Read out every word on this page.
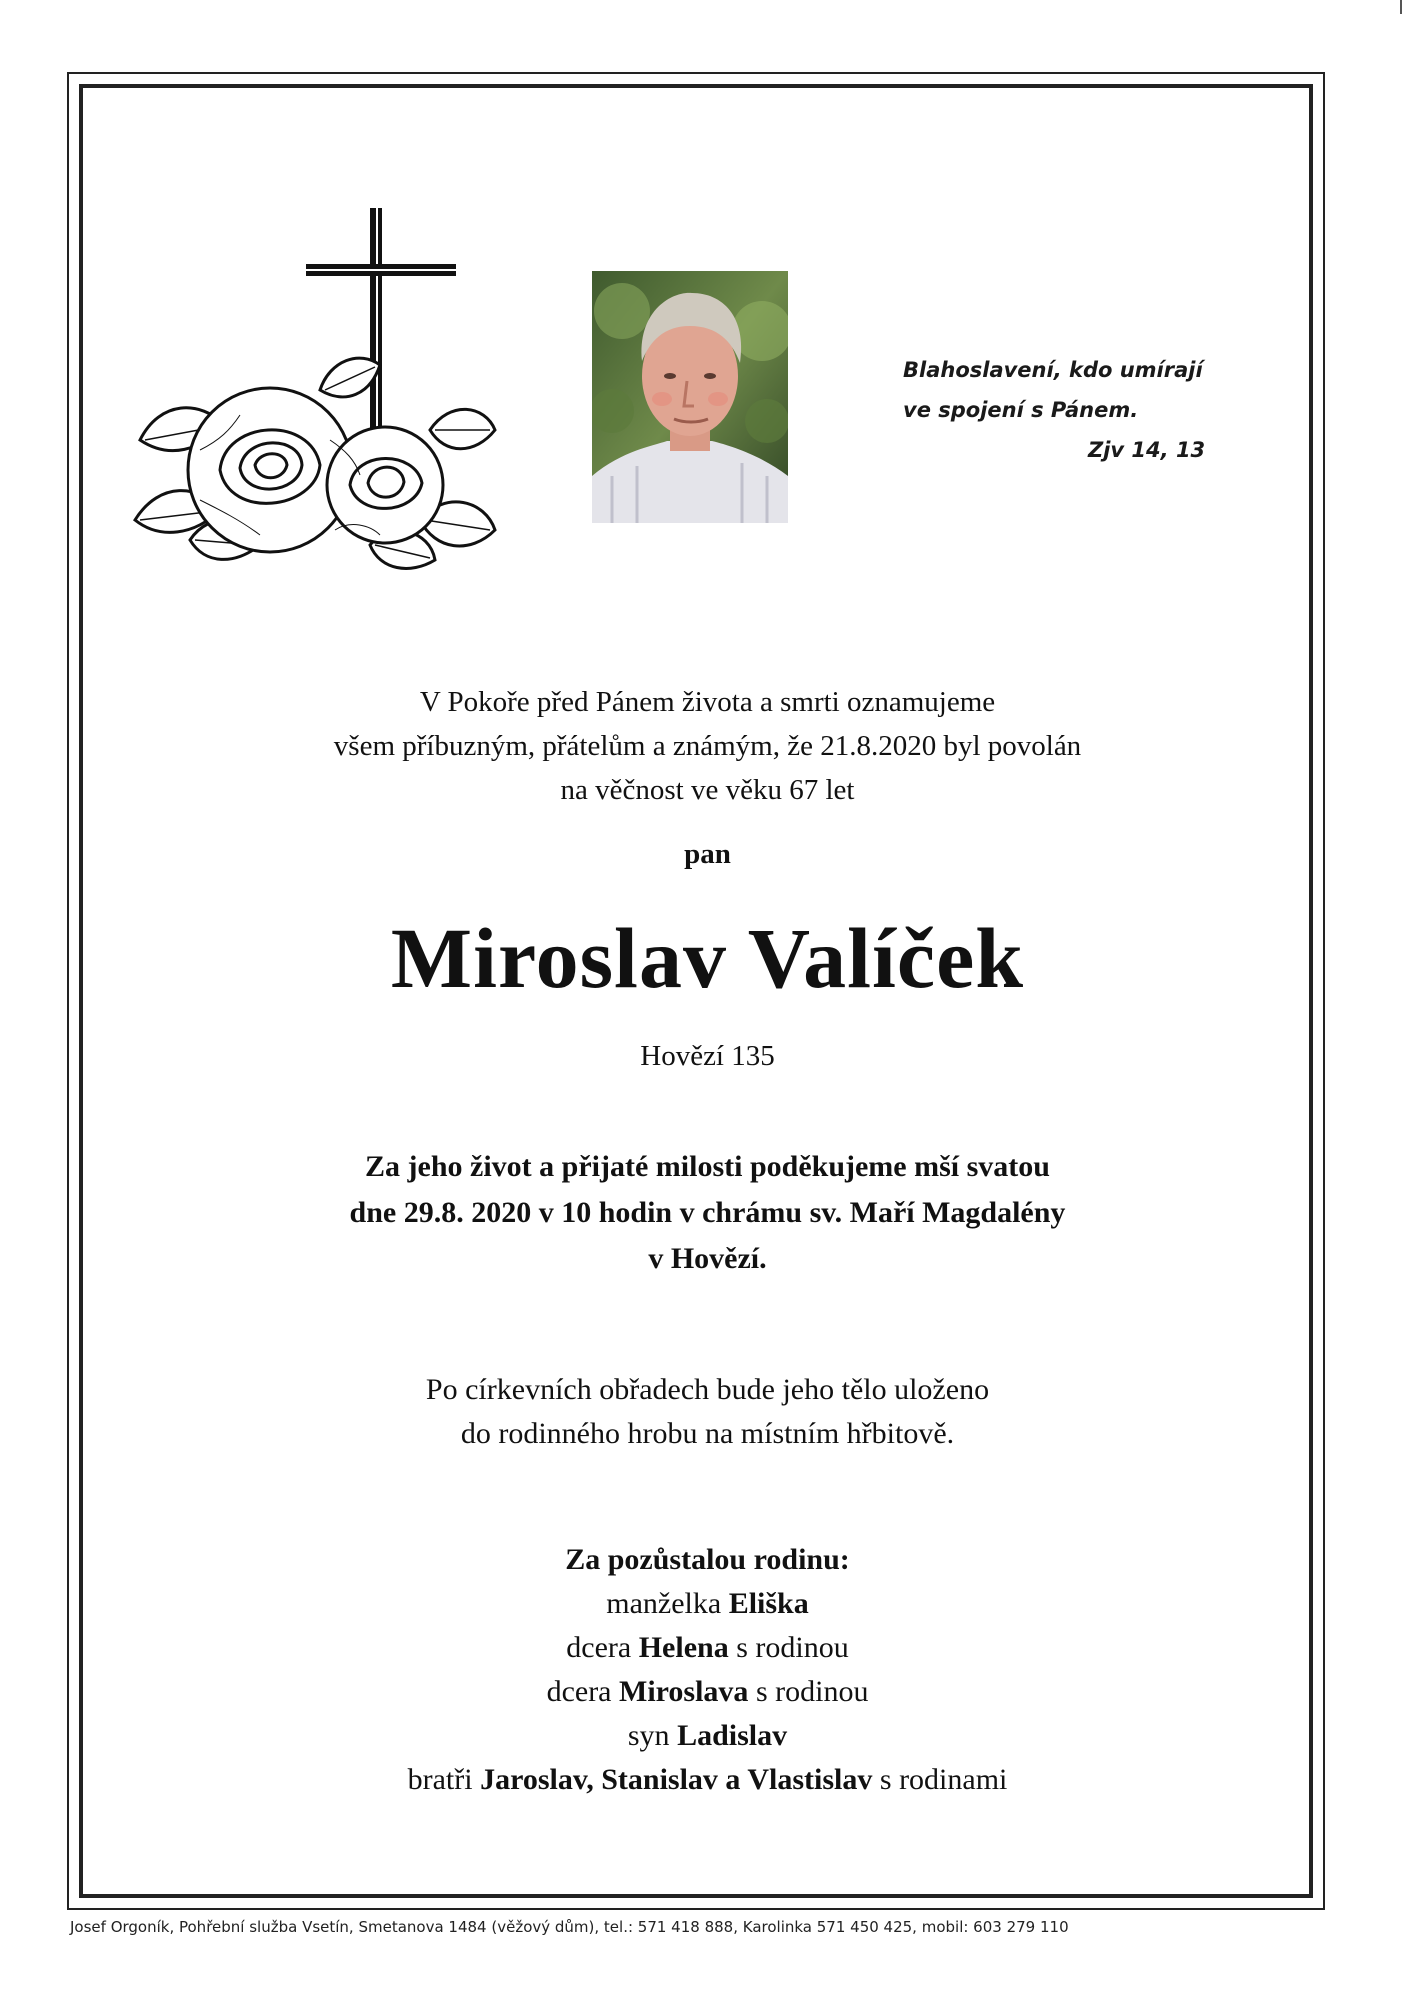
Blahoslavení, kdo umírají
ve spojení s Pánem.

Zjv 14, 13
V Pokoře před Pánem života a smrti oznamujeme
všem příbuzným, přátelům a známým, že 21.8.2020 byl povolán
na věčnost ve věku 67 let
pan
Miroslav Valíček
Hovězí 135
Za jeho život a přijaté milosti poděkujeme mší svatou
dne 29.8. 2020 v 10 hodin v chrámu sv. Maří Magdalény
v Hovězí.
Po církevních obřadech bude jeho tělo uloženo
do rodinného hrobu na místním hřbitově.
Za pozůstalou rodinu:
manželka Eliška
dcera Helena s rodinou
dcera Miroslava s rodinou
syn Ladislav
bratři Jaroslav, Stanislav a Vlastislav s rodinami
Josef Orgoník, Pohřební služba Vsetín, Smetanova 1484 (věžový dům), tel.: 571 418 888, Karolinka 571 450 425, mobil: 603 279 110
